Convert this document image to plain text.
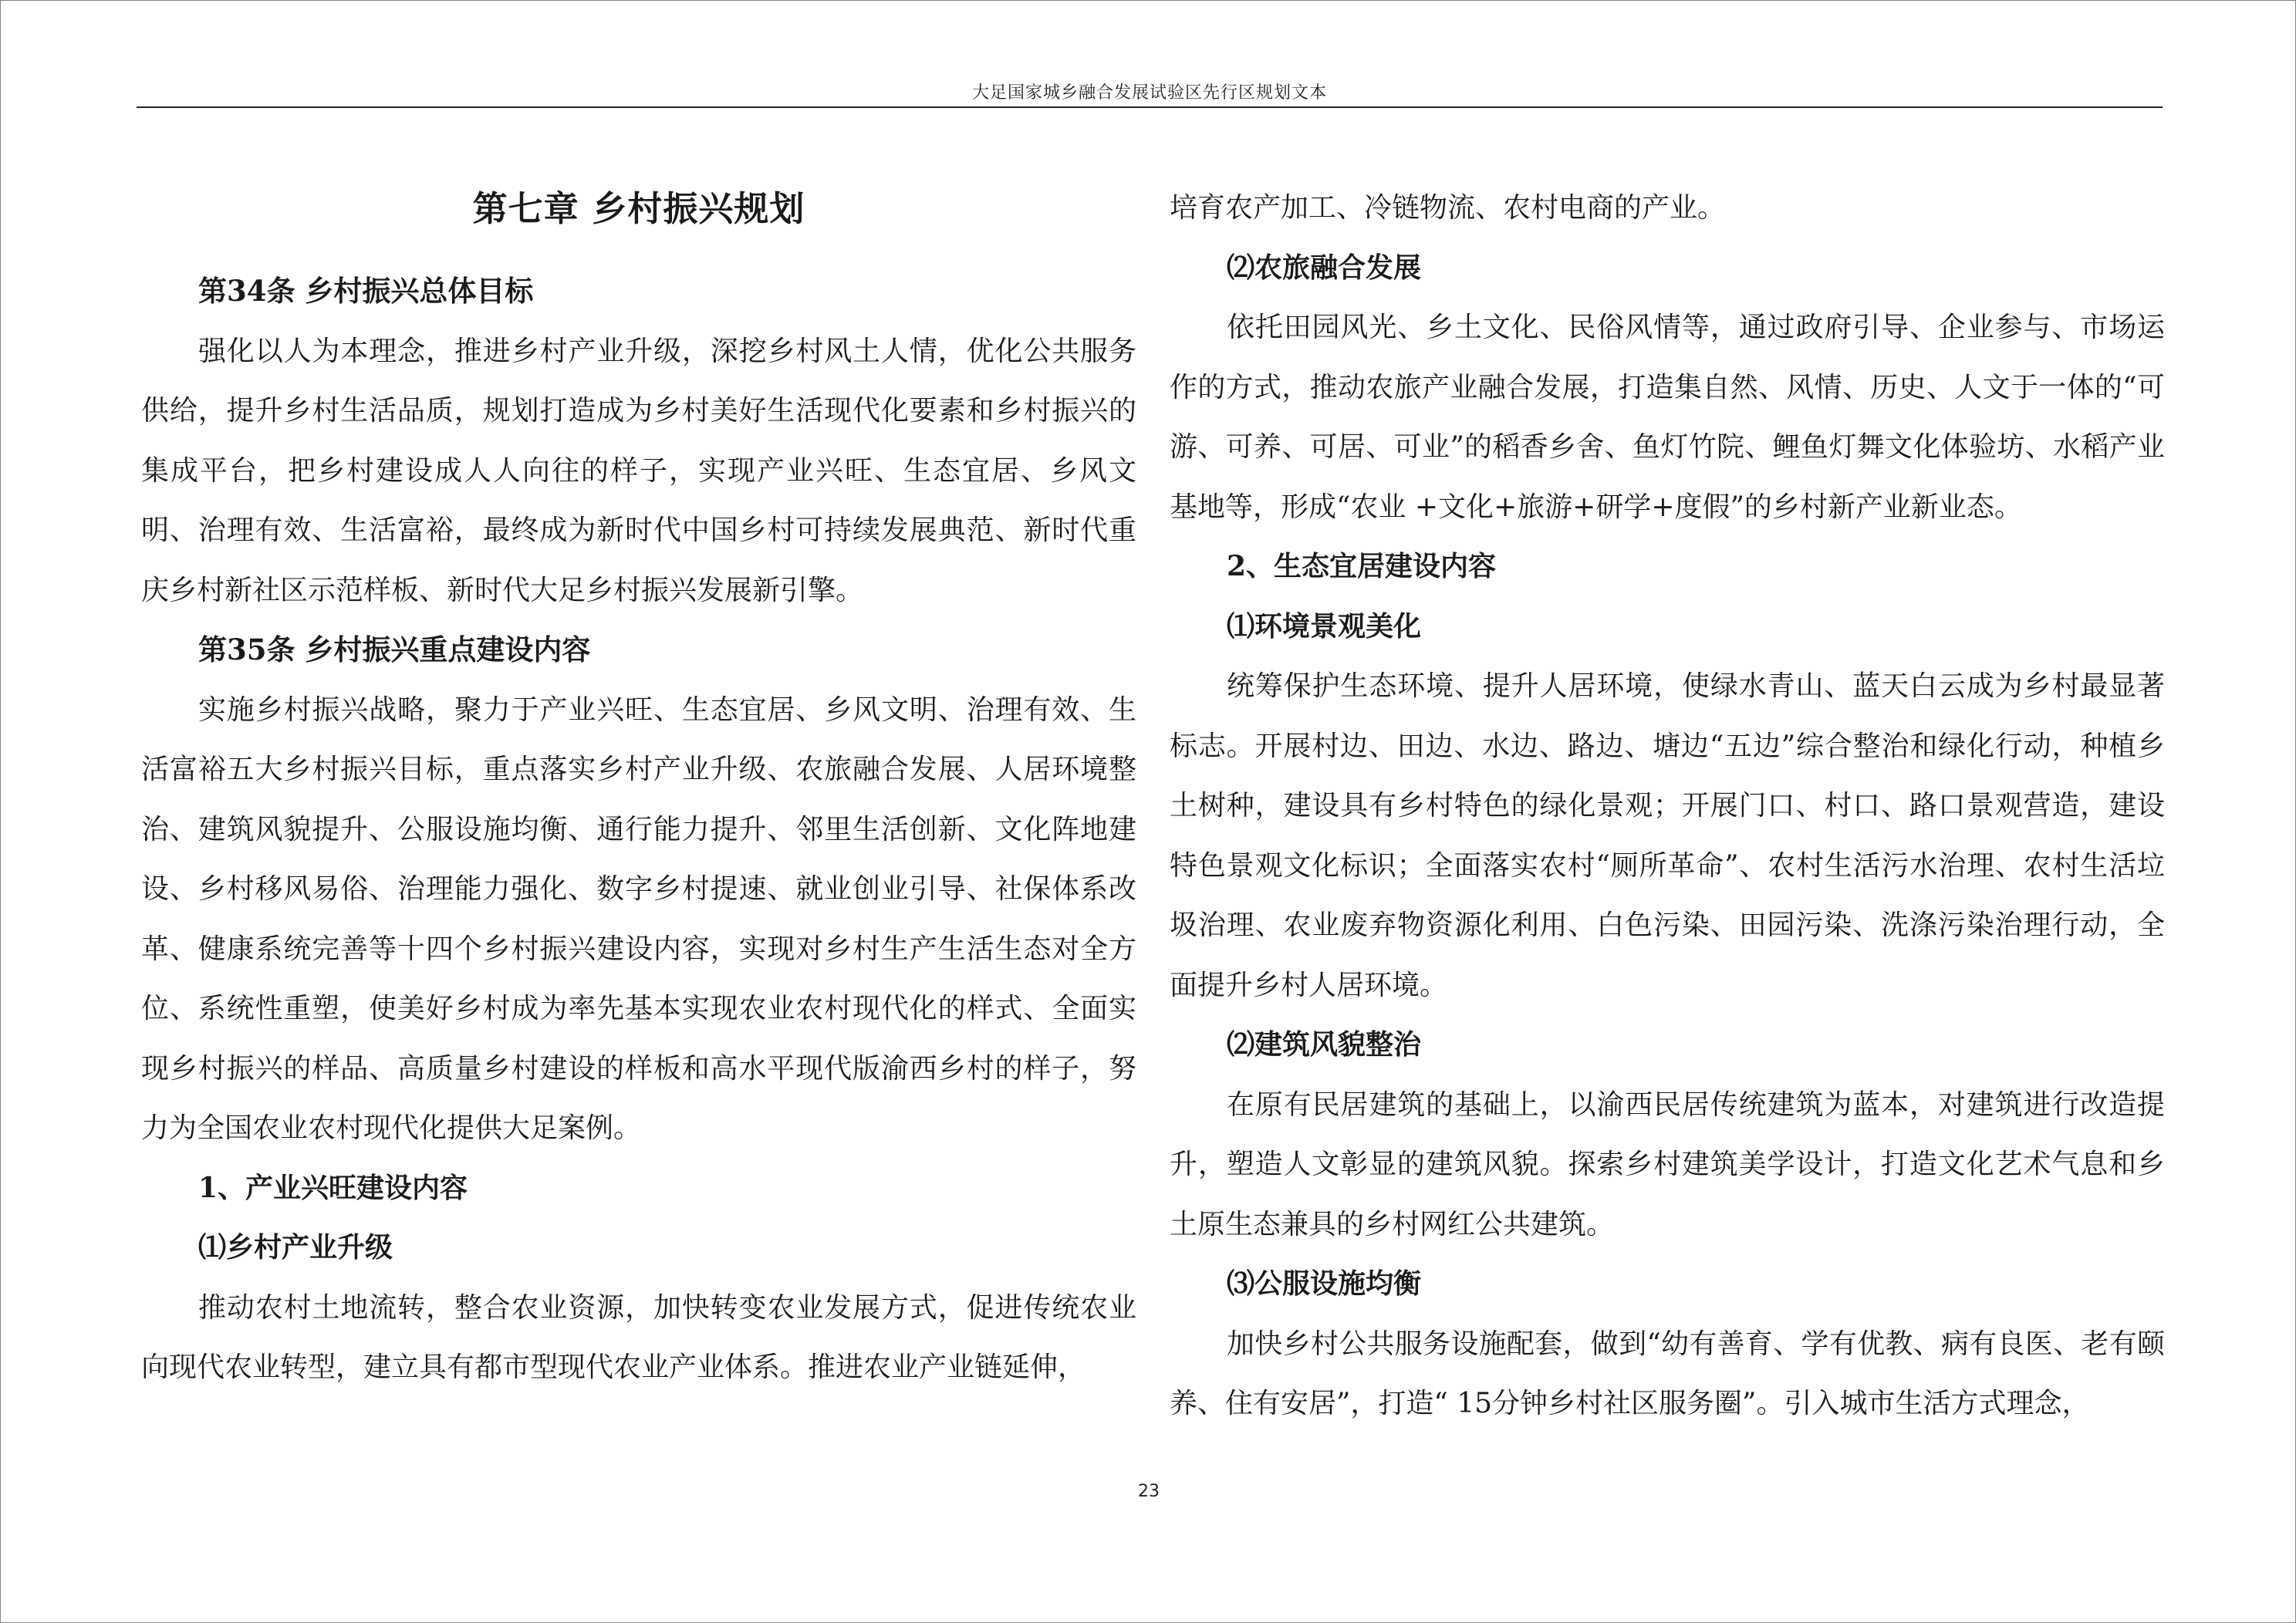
大足国家城乡融合发展试验区先行区规划文本
第七章 乡村振兴规划

第34条 乡村振兴总体目标

强化以人为本理念，推进乡村产业升级，深挖乡村风土人情，优化公共服务供给，提升乡村生活品质，规划打造成为乡村美好生活现代化要素和乡村振兴的集成平台，把乡村建设成人人向往的样子，实现产业兴旺、生态宜居、乡风文明、治理有效、生活富裕，最终成为新时代中国乡村可持续发展典范、新时代重庆乡村新社区示范样板、新时代大足乡村振兴发展新引擎。

第35条 乡村振兴重点建设内容

实施乡村振兴战略，聚力于产业兴旺、生态宜居、乡风文明、治理有效、生活富裕五大乡村振兴目标，重点落实乡村产业升级、农旅融合发展、人居环境整治、建筑风貌提升、公服设施均衡、通行能力提升、邻里生活创新、文化阵地建设、乡村移风易俗、治理能力强化、数字乡村提速、就业创业引导、社保体系改革、健康系统完善等十四个乡村振兴建设内容，实现对乡村生产生活生态对全方位、系统性重塑，使美好乡村成为率先基本实现农业农村现代化的样式、全面实现乡村振兴的样品、高质量乡村建设的样板和高水平现代版渝西乡村的样子，努力为全国农业农村现代化提供大足案例。

1、产业兴旺建设内容

⑴乡村产业升级

推动农村土地流转，整合农业资源，加快转变农业发展方式，促进传统农业向现代农业转型，建立具有都市型现代农业产业体系。推进农业产业链延伸，

培育农产加工、冷链物流、农村电商的产业。

⑵农旅融合发展

依托田园风光、乡土文化、民俗风情等，通过政府引导、企业参与、市场运作的方式，推动农旅产业融合发展，打造集自然、风情、历史、人文于一体的“可游、可养、可居、可业”的稻香乡舍、鱼灯竹院、鲤鱼灯舞文化体验坊、水稻产业基地等，形成“农业 +文化+旅游+研学+度假”的乡村新产业新业态。

2、生态宜居建设内容

⑴环境景观美化

统筹保护生态环境、提升人居环境，使绿水青山、蓝天白云成为乡村最显著标志。开展村边、田边、水边、路边、塘边“五边”综合整治和绿化行动，种植乡土树种，建设具有乡村特色的绿化景观；开展门口、村口、路口景观营造，建设特色景观文化标识；全面落实农村“厕所革命”、农村生活污水治理、农村生活垃圾治理、农业废弃物资源化利用、白色污染、田园污染、洗涤污染治理行动，全面提升乡村人居环境。

⑵建筑风貌整治

在原有民居建筑的基础上，以渝西民居传统建筑为蓝本，对建筑进行改造提升，塑造人文彰显的建筑风貌。探索乡村建筑美学设计，打造文化艺术气息和乡土原生态兼具的乡村网红公共建筑。

⑶公服设施均衡

加快乡村公共服务设施配套，做到“幼有善育、学有优教、病有良医、老有颐养、住有安居”，打造“ 15分钟乡村社区服务圈”。引入城市生活方式理念，

23
